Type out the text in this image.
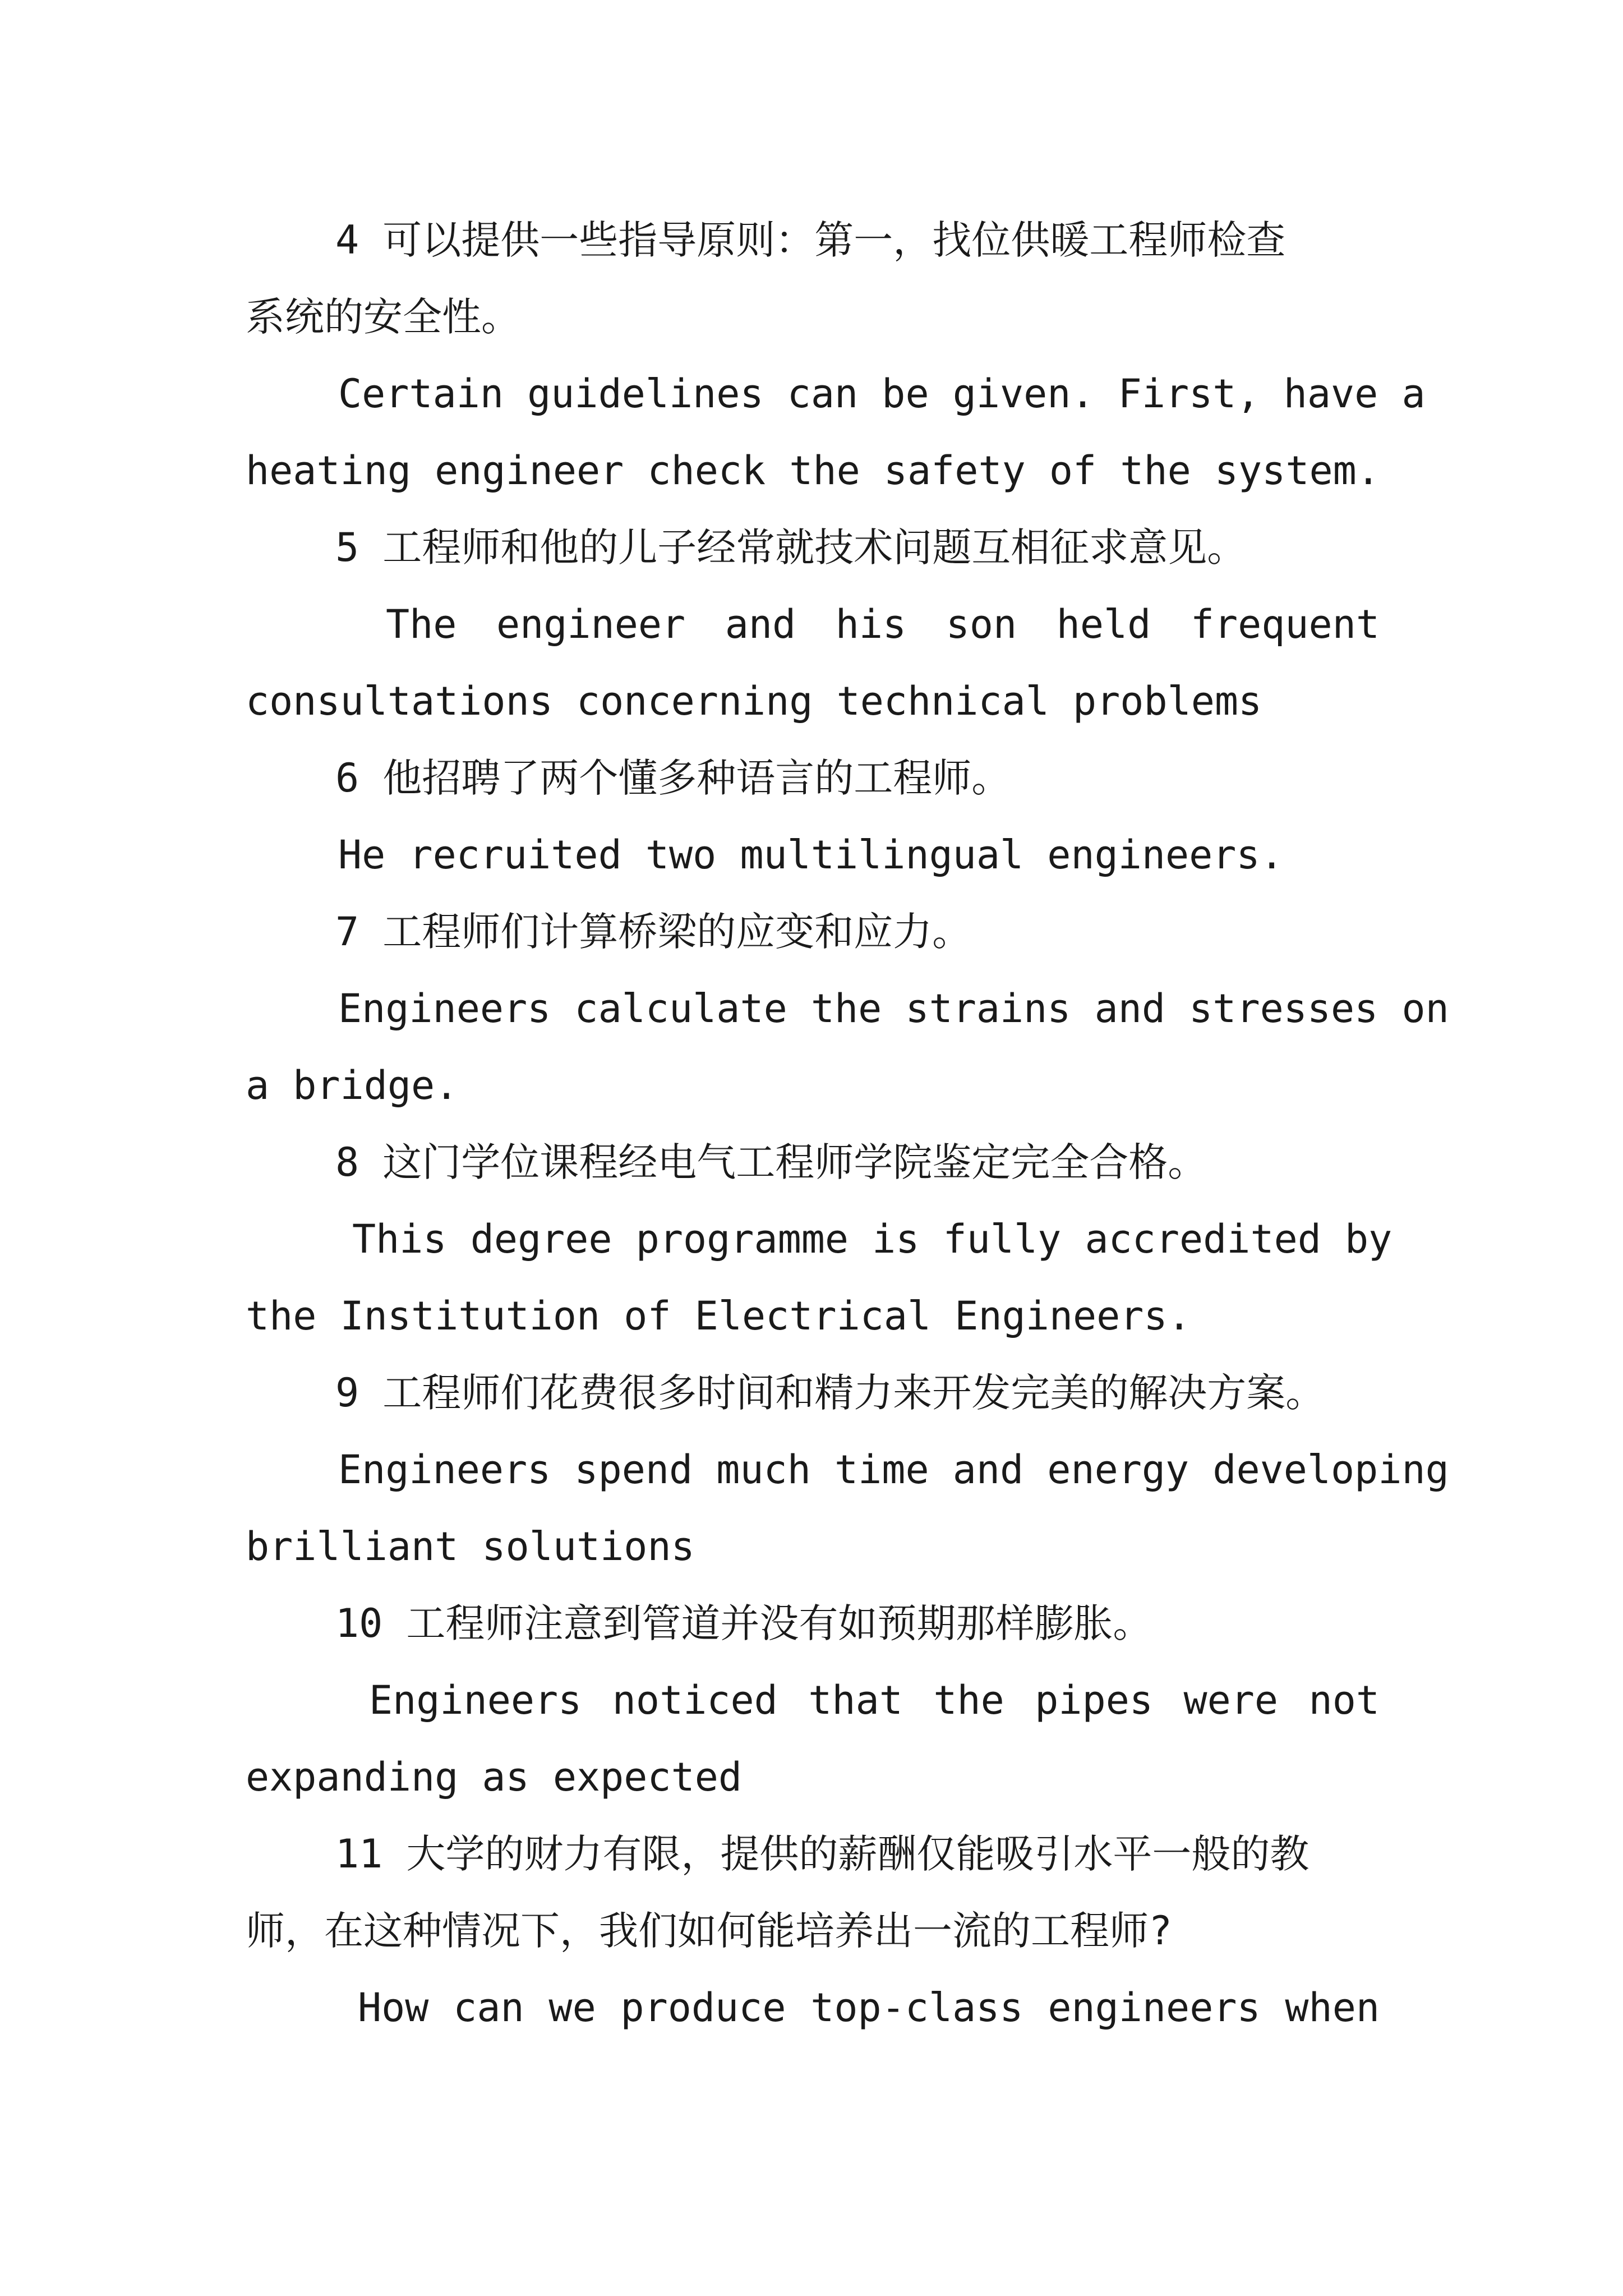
4 可以提供一些指导原则：第一，找位供暖工程师检查
系统的安全性。
Certain guidelines can be given. First, have a
heating engineer check the safety of the system.
5 工程师和他的儿子经常就技术问题互相征求意见。
The engineer and his son held frequent
consultations concerning technical problems
6 他招聘了两个懂多种语言的工程师。
He recruited two multilingual engineers.
7 工程师们计算桥梁的应变和应力。
Engineers calculate the strains and stresses on
a bridge.
8 这门学位课程经电气工程师学院鉴定完全合格。
This degree programme is fully accredited by
the Institution of Electrical Engineers.
9 工程师们花费很多时间和精力来开发完美的解决方案。
Engineers spend much time and energy developing
brilliant solutions
10 工程师注意到管道并没有如预期那样膨胀。
Engineers noticed that the pipes were not
expanding as expected
11 大学的财力有限，提供的薪酬仅能吸引水平一般的教
师，在这种情况下，我们如何能培养出一流的工程师?
How can we produce top-class engineers when
